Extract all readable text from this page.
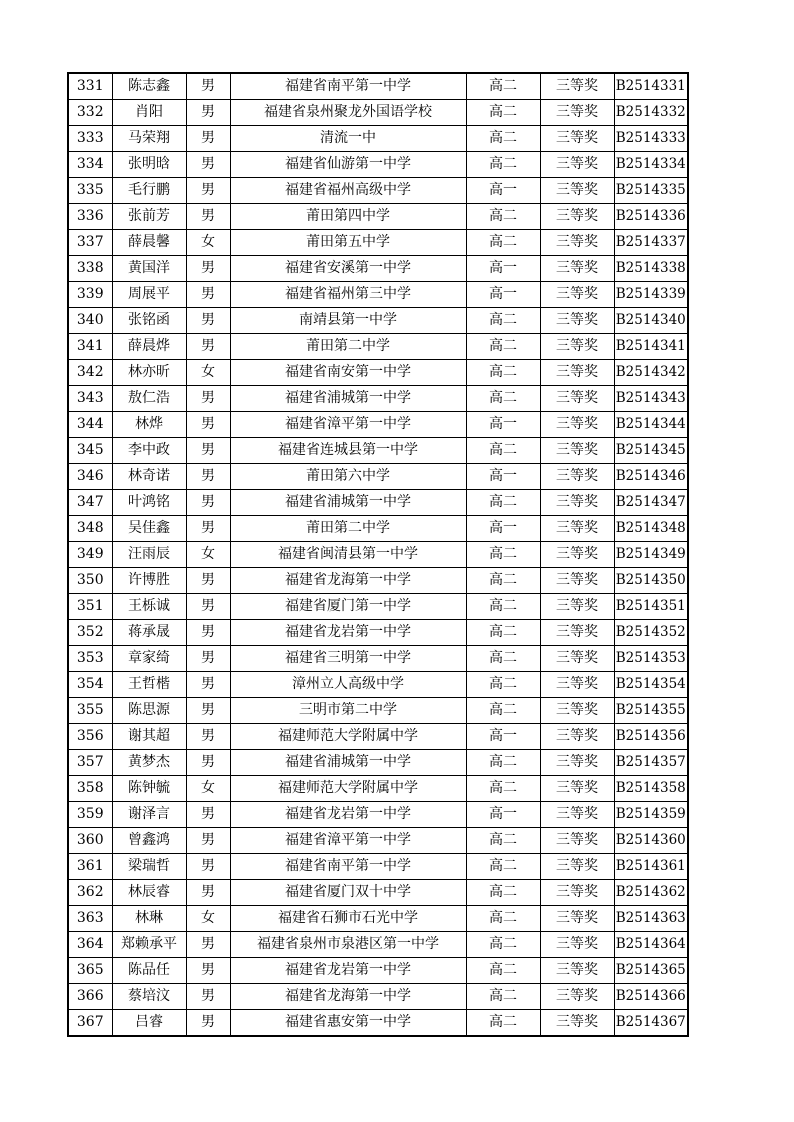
331	陈志鑫	男	福建省南平第一中学	高二	三等奖	B2514331
332	肖阳	男	福建省泉州聚龙外国语学校	高二	三等奖	B2514332
333	马荣翔	男	清流一中	高二	三等奖	B2514333
334	张明晗	男	福建省仙游第一中学	高二	三等奖	B2514334
335	毛行鹏	男	福建省福州高级中学	高一	三等奖	B2514335
336	张前芳	男	莆田第四中学	高二	三等奖	B2514336
337	薛晨馨	女	莆田第五中学	高二	三等奖	B2514337
338	黄国洋	男	福建省安溪第一中学	高一	三等奖	B2514338
339	周展平	男	福建省福州第三中学	高一	三等奖	B2514339
340	张铭函	男	南靖县第一中学	高二	三等奖	B2514340
341	薛晨烨	男	莆田第二中学	高二	三等奖	B2514341
342	林亦昕	女	福建省南安第一中学	高二	三等奖	B2514342
343	敖仁浩	男	福建省浦城第一中学	高二	三等奖	B2514343
344	林烨	男	福建省漳平第一中学	高一	三等奖	B2514344
345	李中政	男	福建省连城县第一中学	高二	三等奖	B2514345
346	林奇诺	男	莆田第六中学	高一	三等奖	B2514346
347	叶鸿铭	男	福建省浦城第一中学	高二	三等奖	B2514347
348	吴佳鑫	男	莆田第二中学	高一	三等奖	B2514348
349	汪雨辰	女	福建省闽清县第一中学	高二	三等奖	B2514349
350	许博胜	男	福建省龙海第一中学	高二	三等奖	B2514350
351	王栎诚	男	福建省厦门第一中学	高二	三等奖	B2514351
352	蒋承晟	男	福建省龙岩第一中学	高二	三等奖	B2514352
353	章家绮	男	福建省三明第一中学	高二	三等奖	B2514353
354	王哲楷	男	漳州立人高级中学	高二	三等奖	B2514354
355	陈思源	男	三明市第二中学	高二	三等奖	B2514355
356	谢其超	男	福建师范大学附属中学	高一	三等奖	B2514356
357	黄梦杰	男	福建省浦城第一中学	高二	三等奖	B2514357
358	陈钟毓	女	福建师范大学附属中学	高二	三等奖	B2514358
359	谢泽言	男	福建省龙岩第一中学	高一	三等奖	B2514359
360	曾鑫鸿	男	福建省漳平第一中学	高二	三等奖	B2514360
361	梁瑞哲	男	福建省南平第一中学	高二	三等奖	B2514361
362	林辰睿	男	福建省厦门双十中学	高二	三等奖	B2514362
363	林琳	女	福建省石狮市石光中学	高二	三等奖	B2514363
364	郑赖承平	男	福建省泉州市泉港区第一中学	高二	三等奖	B2514364
365	陈品任	男	福建省龙岩第一中学	高二	三等奖	B2514365
366	蔡培汶	男	福建省龙海第一中学	高二	三等奖	B2514366
367	吕睿	男	福建省惠安第一中学	高二	三等奖	B2514367
